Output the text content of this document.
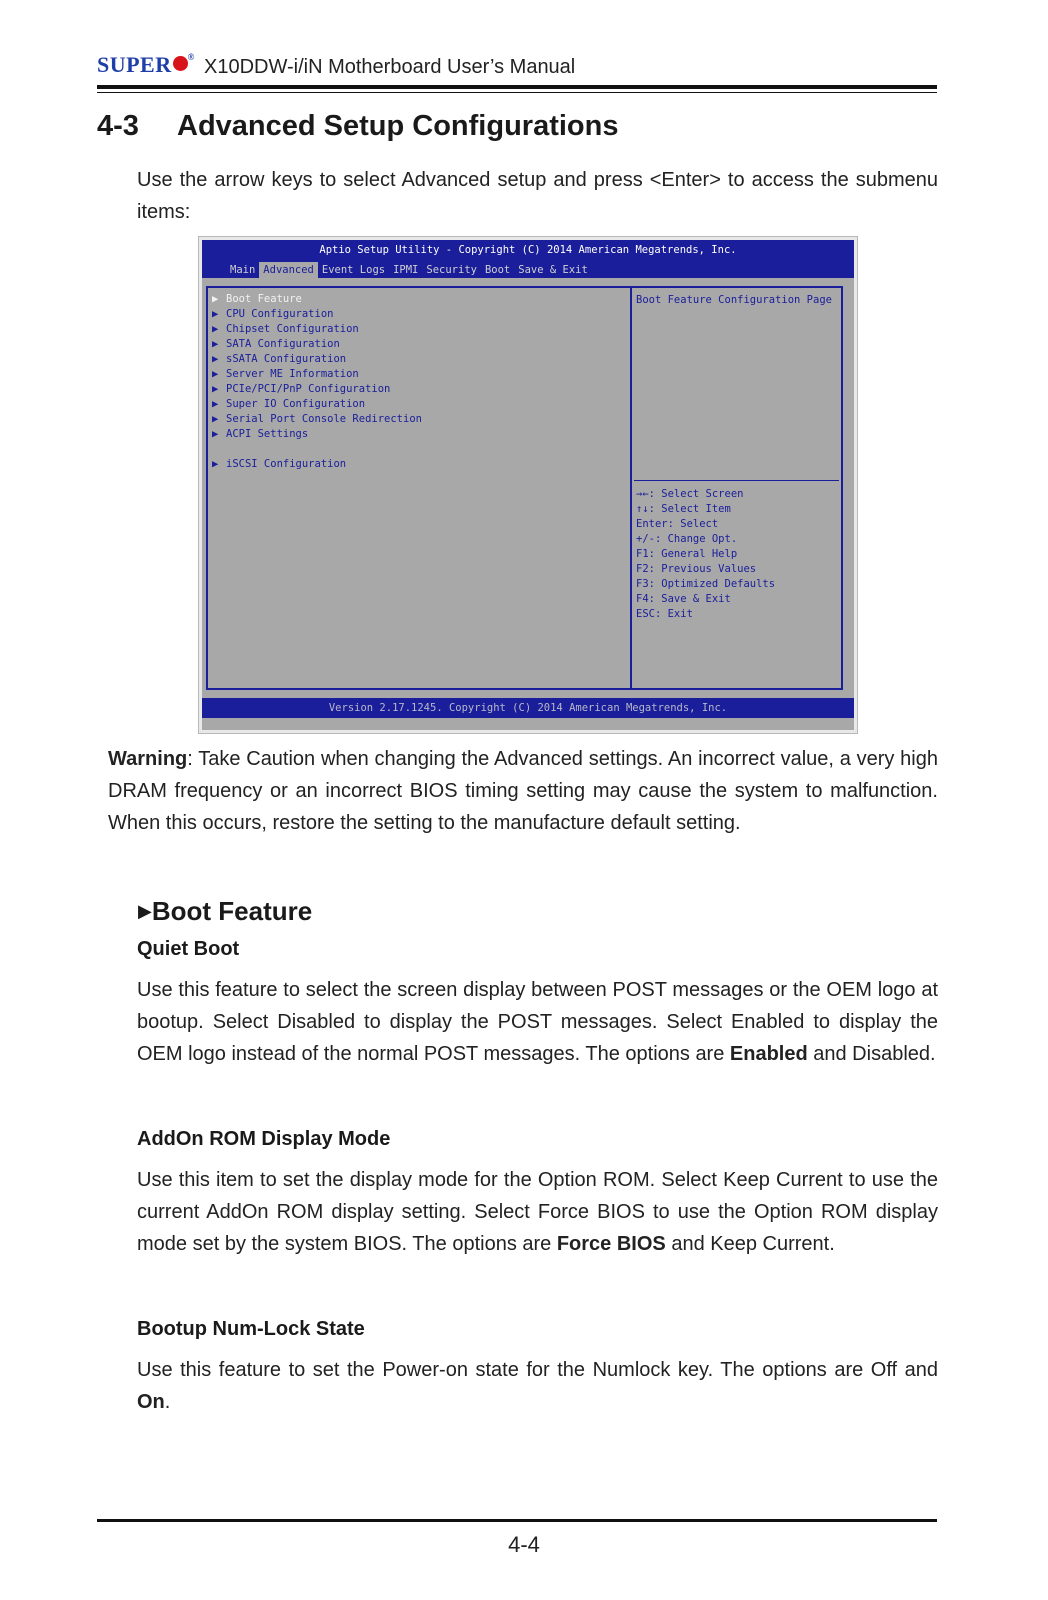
SUPER ® X10DDW-i/iN Motherboard User’s Manual
4-3 Advanced Setup Configurations
Use the arrow keys to select Advanced setup and press <Enter> to access the submenu items:
Aptio Setup Utility - Copyright (C) 2014 American Megatrends, Inc.
Main Advanced Event Logs IPMI Security Boot Save & Exit
▶ Boot Feature
▶ CPU Configuration
▶ Chipset Configuration
▶ SATA Configuration
▶ sSATA Configuration
▶ Server ME Information
▶ PCIe/PCI/PnP Configuration
▶ Super IO Configuration
▶ Serial Port Console Redirection
▶ ACPI Settings
▶ iSCSI Configuration
Boot Feature Configuration Page
→←: Select Screen
↑↓: Select Item
Enter: Select
+/-: Change Opt.
F1: General Help
F2: Previous Values
F3: Optimized Defaults
F4: Save & Exit
ESC: Exit
Version 2.17.1245. Copyright (C) 2014 American Megatrends, Inc.
Warning: Take Caution when changing the Advanced settings. An incorrect value, a very high DRAM frequency or an incorrect BIOS timing setting may cause the system to malfunction. When this occurs, restore the setting to the manufacture default setting.
▶Boot Feature
Quiet Boot
Use this feature to select the screen display between POST messages or the OEM logo at bootup. Select Disabled to display the POST messages. Select Enabled to display the OEM logo instead of the normal POST messages. The options are Enabled and Disabled.
AddOn ROM Display Mode
Use this item to set the display mode for the Option ROM. Select Keep Current to use the current AddOn ROM display setting. Select Force BIOS to use the Option ROM display mode set by the system BIOS. The options are Force BIOS and Keep Current.
Bootup Num-Lock State
Use this feature to set the Power-on state for the Numlock key. The options are Off and On.
4-4
